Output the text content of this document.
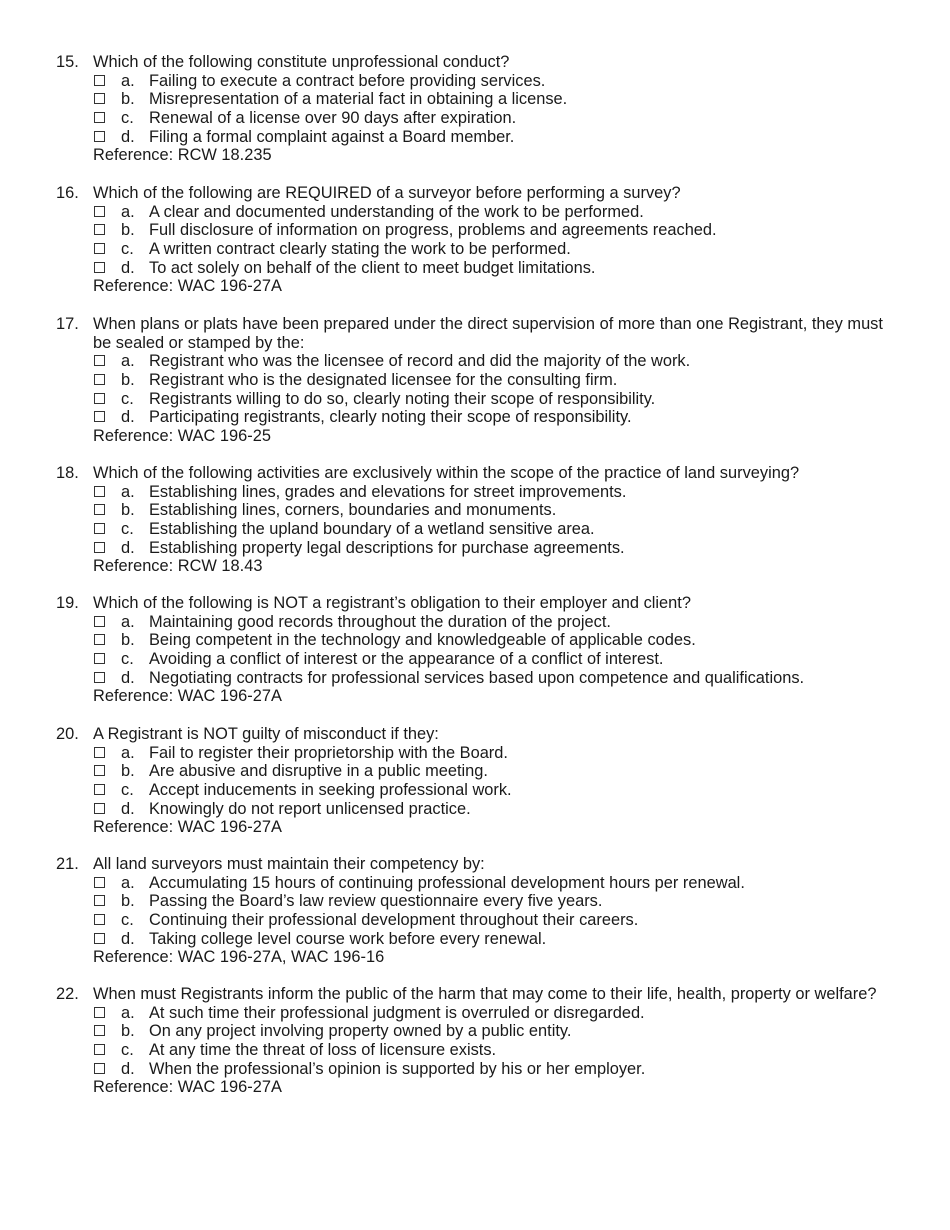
15. Which of the following constitute unprofessional conduct?
a. Failing to execute a contract before providing services.
b. Misrepresentation of a material fact in obtaining a license.
c. Renewal of a license over 90 days after expiration.
d. Filing a formal complaint against a Board member.
Reference: RCW 18.235
16. Which of the following are REQUIRED of a surveyor before performing a survey?
a. A clear and documented understanding of the work to be performed.
b. Full disclosure of information on progress, problems and agreements reached.
c. A written contract clearly stating the work to be performed.
d. To act solely on behalf of the client to meet budget limitations.
Reference: WAC 196-27A
17. When plans or plats have been prepared under the direct supervision of more than one Registrant, they must be sealed or stamped by the:
a. Registrant who was the licensee of record and did the majority of the work.
b. Registrant who is the designated licensee for the consulting firm.
c. Registrants willing to do so, clearly noting their scope of responsibility.
d. Participating registrants, clearly noting their scope of responsibility.
Reference: WAC 196-25
18. Which of the following activities are exclusively within the scope of the practice of land surveying?
a. Establishing lines, grades and elevations for street improvements.
b. Establishing lines, corners, boundaries and monuments.
c. Establishing the upland boundary of a wetland sensitive area.
d. Establishing property legal descriptions for purchase agreements.
Reference: RCW 18.43
19. Which of the following is NOT a registrant’s obligation to their employer and client?
a. Maintaining good records throughout the duration of the project.
b. Being competent in the technology and knowledgeable of applicable codes.
c. Avoiding a conflict of interest or the appearance of a conflict of interest.
d. Negotiating contracts for professional services based upon competence and qualifications.
Reference: WAC 196-27A
20. A Registrant is NOT guilty of misconduct if they:
a. Fail to register their proprietorship with the Board.
b. Are abusive and disruptive in a public meeting.
c. Accept inducements in seeking professional work.
d. Knowingly do not report unlicensed practice.
Reference: WAC 196-27A
21. All land surveyors must maintain their competency by:
a. Accumulating 15 hours of continuing professional development hours per renewal.
b. Passing the Board’s law review questionnaire every five years.
c. Continuing their professional development throughout their careers.
d. Taking college level course work before every renewal.
Reference: WAC 196-27A, WAC 196-16
22. When must Registrants inform the public of the harm that may come to their life, health, property or welfare?
a. At such time their professional judgment is overruled or disregarded.
b. On any project involving property owned by a public entity.
c. At any time the threat of loss of licensure exists.
d. When the professional’s opinion is supported by his or her employer.
Reference: WAC 196-27A
